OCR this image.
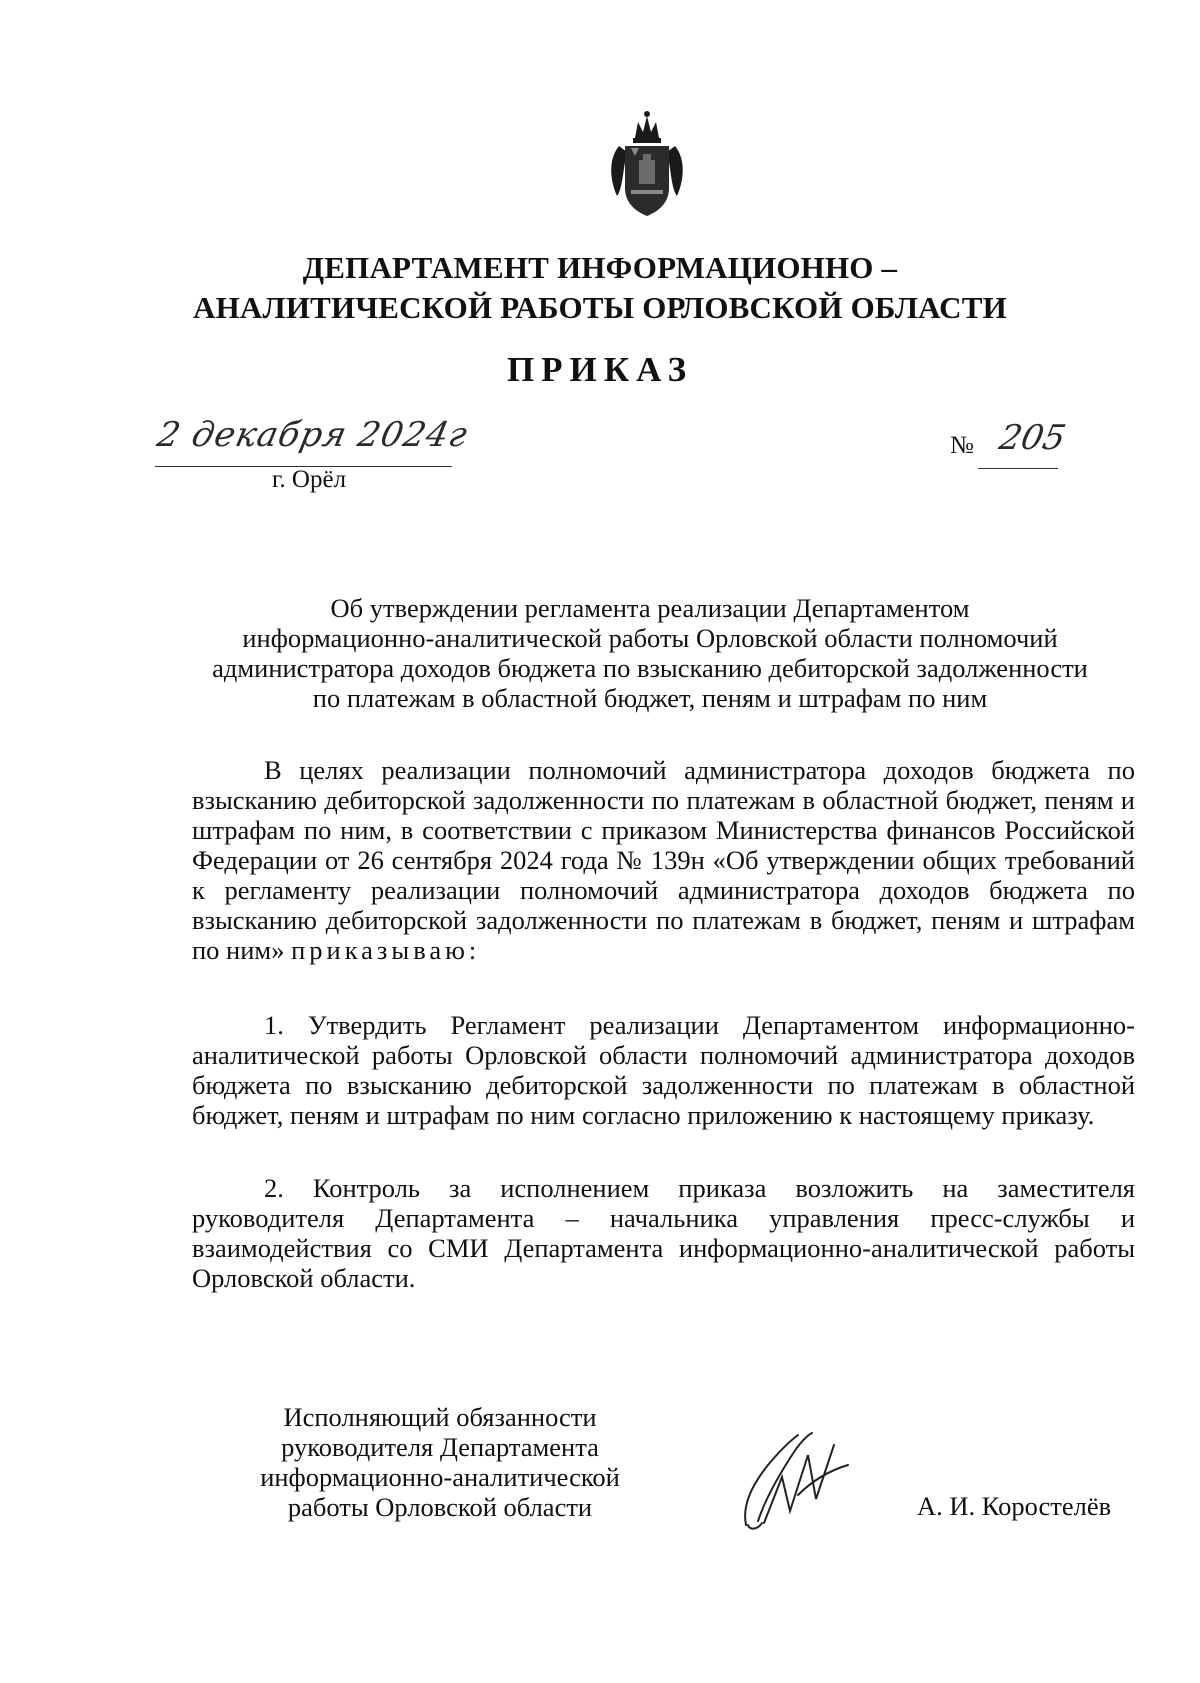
ДЕПАРТАМЕНТ ИНФОРМАЦИОННО –
АНАЛИТИЧЕСКОЙ РАБОТЫ ОРЛОВСКОЙ ОБЛАСТИ
ПРИКАЗ
2 декабря 2024г
г. Орёл
№ 205
Об утверждении регламента реализации Департаментом
информационно-аналитической работы Орловской области полномочий
администратора доходов бюджета по взысканию дебиторской задолженности
по платежам в областной бюджет, пеням и штрафам по ним
В целях реализации полномочий администратора доходов бюджета по взысканию дебиторской задолженности по платежам в областной бюджет, пеням и штрафам по ним, в соответствии с приказом Министерства финансов Российской Федерации от 26 сентября 2024 года № 139н «Об утверждении общих требований к регламенту реализации полномочий администратора доходов бюджета по взысканию дебиторской задолженности по платежам в бюджет, пеням и штрафам по ним» приказываю:
1. Утвердить Регламент реализации Департаментом информационно-аналитической работы Орловской области полномочий администратора доходов бюджета по взысканию дебиторской задолженности по платежам в областной бюджет, пеням и штрафам по ним согласно приложению к настоящему приказу.
2. Контроль за исполнением приказа возложить на заместителя руководителя Департамента – начальника управления пресс-службы и взаимодействия со СМИ Департамента информационно-аналитической работы Орловской области.
Исполняющий обязанности
руководителя Департамента
информационно-аналитической
работы Орловской области	А. И. Коростелёв
